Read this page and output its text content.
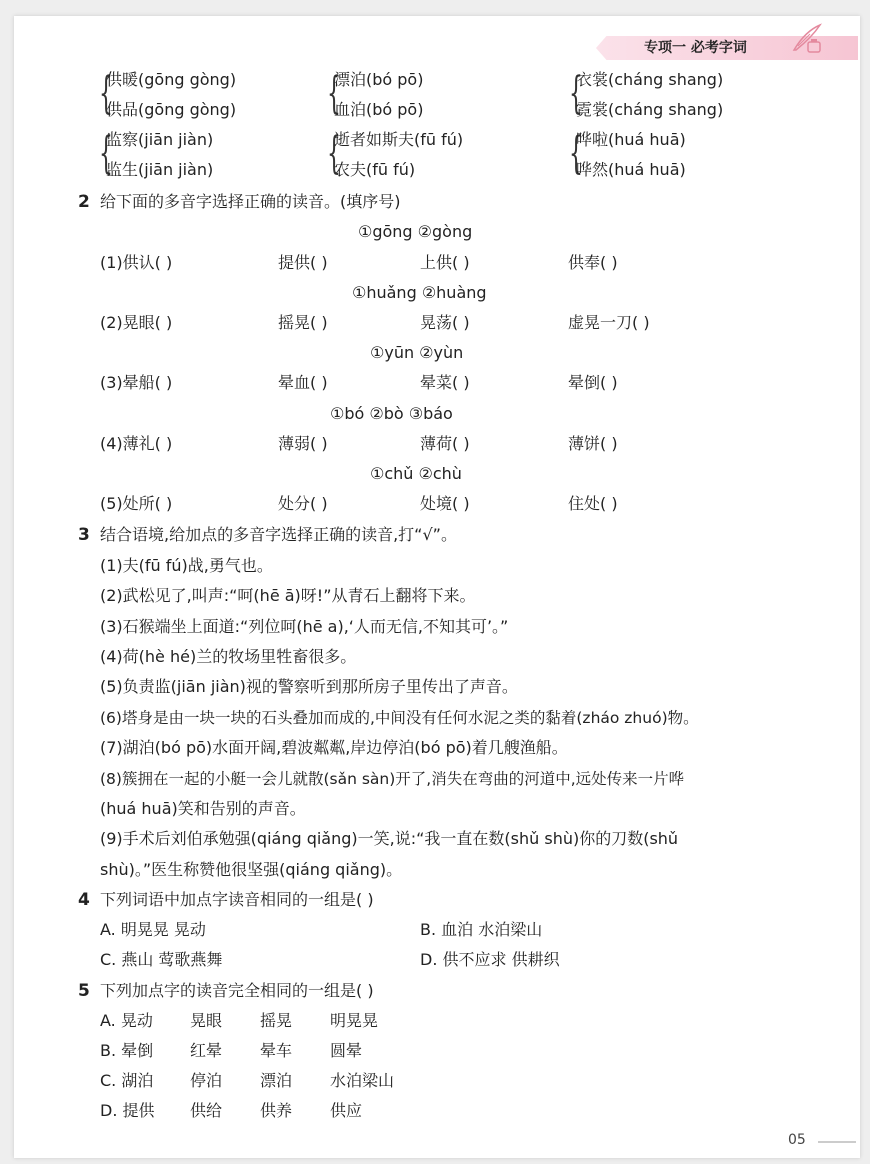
专项一 必考字词
{	{	{
{	{	{
供暖(gōng gòng)	漂泊(bó pō)	衣裳(cháng shang)
供品(gōng gòng)	血泊(bó pō)	霓裳(cháng shang)
监察(jiān jiàn)	逝者如斯夫(fū fú)	哗啦(huá huā)
监生(jiān jiàn)	农夫(fū fú)	哗然(huá huā)
2 给下面的多音字选择正确的读音。(填序号)
①gōng ②gòng
(1)供认( )	提供( )	上供( )	供奉( )
①huǎng ②huàng
(2)晃眼( )	摇晃( )	晃荡( )	虚晃一刀( )
①yūn ②yùn
(3)晕船( )	晕血( )	晕菜( )	晕倒( )
①bó ②bò ③báo
(4)薄礼( )	薄弱( )	薄荷( )	薄饼( )
①chǔ ②chù
(5)处所( )	处分( )	处境( )	住处( )
3 结合语境,给加点的多音字选择正确的读音,打“√”。
(1)夫(fū fú)战,勇气也。
(2)武松见了,叫声:“呵(hē ā)呀!”从青石上翻将下来。
(3)石猴端坐上面道:“列位呵(hē a),‘人而无信,不知其可’。”
(4)荷(hè hé)兰的牧场里牲畜很多。
(5)负责监(jiān jiàn)视的警察听到那所房子里传出了声音。
(6)塔身是由一块一块的石头叠加而成的,中间没有任何水泥之类的黏着(zháo zhuó)物。
(7)湖泊(bó pō)水面开阔,碧波粼粼,岸边停泊(bó pō)着几艘渔船。
(8)簇拥在一起的小艇一会儿就散(sǎn sàn)开了,消失在弯曲的河道中,远处传来一片哗
(huá huā)笑和告别的声音。
(9)手术后刘伯承勉强(qiáng qiǎng)一笑,说:“我一直在数(shǔ shù)你的刀数(shǔ
shù)。”医生称赞他很坚强(qiáng qiǎng)。
4 下列词语中加点字读音相同的一组是( )
A. 明晃晃 晃动	B. 血泊 水泊梁山
C. 燕山 莺歌燕舞	D. 供不应求 供耕织
5 下列加点字的读音完全相同的一组是( )
A. 晃动 晃眼 摇晃 明晃晃
B. 晕倒 红晕 晕车 圆晕
C. 湖泊 停泊 漂泊 水泊梁山
D. 提供 供给 供养 供应
05
